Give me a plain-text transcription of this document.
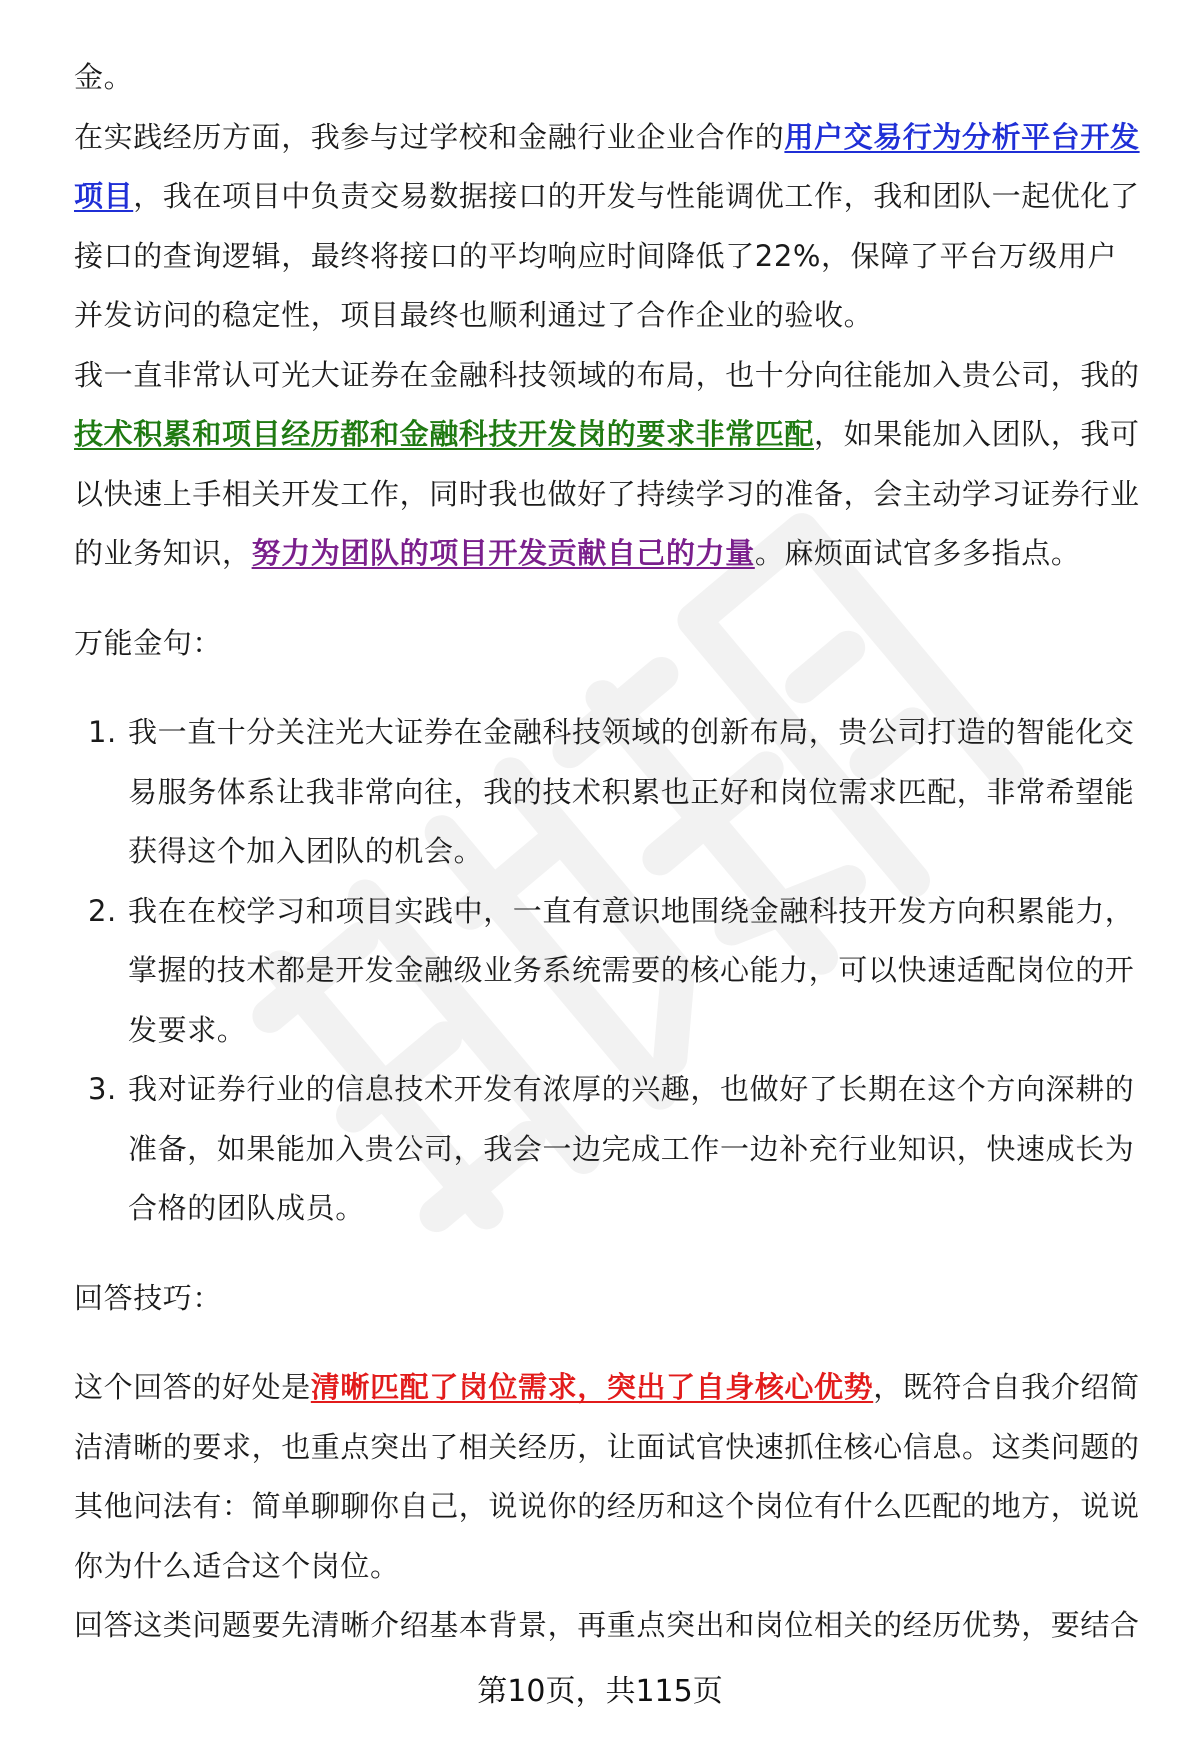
金。

在实践经历方面，我参与过学校和金融行业企业合作的用户交易行为分析平台开发项目，我在项目中负责交易数据接口的开发与性能调优工作，我和团队一起优化了接口的查询逻辑，最终将接口的平均响应时间降低了22%，保障了平台万级用户并发访问的稳定性，项目最终也顺利通过了合作企业的验收。

我一直非常认可光大证券在金融科技领域的布局，也十分向往能加入贵公司，我的技术积累和项目经历都和金融科技开发岗的要求非常匹配，如果能加入团队，我可以快速上手相关开发工作，同时我也做好了持续学习的准备，会主动学习证券行业的业务知识，努力为团队的项目开发贡献自己的力量。麻烦面试官多多指点。

万能金句：

1. 我一直十分关注光大证券在金融科技领域的创新布局，贵公司打造的智能化交易服务体系让我非常向往，我的技术积累也正好和岗位需求匹配，非常希望能获得这个加入团队的机会。
2. 我在在校学习和项目实践中，一直有意识地围绕金融科技开发方向积累能力，掌握的技术都是开发金融级业务系统需要的核心能力，可以快速适配岗位的开发要求。
3. 我对证券行业的信息技术开发有浓厚的兴趣，也做好了长期在这个方向深耕的准备，如果能加入贵公司，我会一边完成工作一边补充行业知识，快速成长为合格的团队成员。

回答技巧：

这个回答的好处是清晰匹配了岗位需求，突出了自身核心优势，既符合自我介绍简洁清晰的要求，也重点突出了相关经历，让面试官快速抓住核心信息。这类问题的其他问法有：简单聊聊你自己，说说你的经历和这个岗位有什么匹配的地方，说说你为什么适合这个岗位。

回答这类问题要先清晰介绍基本背景，再重点突出和岗位相关的经历优势，要结合

第10页，共115页
